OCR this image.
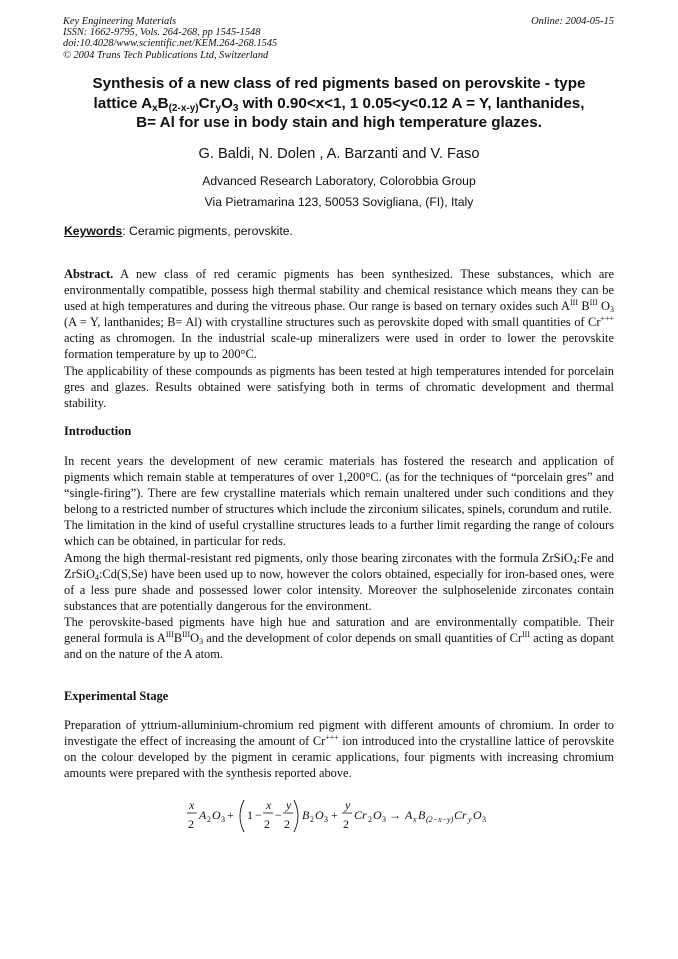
Key Engineering Materials
ISSN: 1662-9795, Vols. 264-268, pp 1545-1548
doi:10.4028/www.scientific.net/KEM.264-268.1545
© 2004 Trans Tech Publications Ltd, Switzerland
Online: 2004-05-15
Synthesis of a new class of red pigments based on perovskite - type
lattice $A_xB_{(2-x-y)}Cr_yO_3$ with 0.90<x<1, 1 0.05<y<0.12 A = Y, lanthanides,
B= Al for use in body stain and high temperature glazes.
G. Baldi, N. Dolen , A. Barzanti and V. Faso
Advanced Research Laboratory, Colorobbia Group
Via Pietramarina 123, 50053 Sovigliana, (FI), Italy
Keywords: Ceramic pigments, perovskite.

Abstract. A new class of red ceramic pigments has been synthesized. These substances, which are environmentally compatible, possess high thermal stability and chemical resistance which means they can be used at high temperatures and during the vitreous phase. Our range is based on ternary oxides such $A^{III}$ $B^{III}$ $O_3$ (A = Y, lanthanides; B= Al) with crystalline structures such as perovskite doped with small quantities of Cr+++ acting as chromogen. In the industrial scale-up mineralizers were used in order to lower the perovskite formation temperature by up to 200°C.

The applicability of these compounds as pigments has been tested at high temperatures intended for porcelain gres and glazes. Results obtained were satisfying both in terms of chromatic development and thermal stability.

Introduction

In recent years the development of new ceramic materials has fostered the research and application of pigments which remain stable at temperatures of over 1,200°C. (as for the techniques of “porcelain gres” and “single-firing”). There are few crystalline materials which remain unaltered under such conditions and they belong to a restricted number of structures which include the zirconium silicates, spinels, corundum and rutile.

The limitation in the kind of useful crystalline structures leads to a further limit regarding the range of colours which can be obtained, in particular for reds.

Among the high thermal-resistant red pigments, only those bearing zirconates with the formula ZrSiO$_4$:Fe and ZrSiO$_4$:Cd(S,Se) have been used up to now, however the colors obtained, especially for iron-based ones, were of a less pure shade and possessed lower color intensity. Moreover the sulphoselenide zirconates contain substances that are potentially dangerous for the environment.

The perovskite-based pigments have high hue and saturation and are environmentally compatible. Their general formula is $A^{III}B^{III}O_3$ and the development of color depends on small quantities of $Cr^{III}$ acting as dopant and on the nature of the A atom.

Experimental Stage

Preparation of yttrium-alluminium-chromium red pigment with different amounts of chromium. In order to investigate the effect of increasing the amount of Cr+++ ion introduced into the crystalline lattice of perovskite on the colour developed by the pigment in ceramic applications, four pigments with increasing chromium amounts were prepared with the synthesis reported above.

x
2
A 2 O 3 + 1 −
x
2
−
y
2
B 2 O 3 +
y
2
Cr 2 O 3 → A x B (2−x−y) Cr y O 3
